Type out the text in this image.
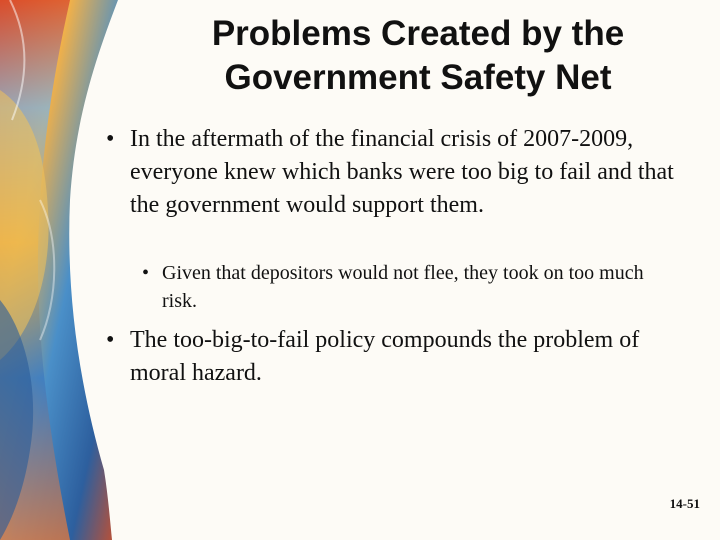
Problems Created by the
Government Safety Net
• In the aftermath of the financial crisis of 2007-2009, everyone knew which banks were too big to fail and that the government would support them.
• Given that depositors would not flee, they took on too much risk.
• The too-big-to-fail policy compounds the problem of moral hazard.
14-51
